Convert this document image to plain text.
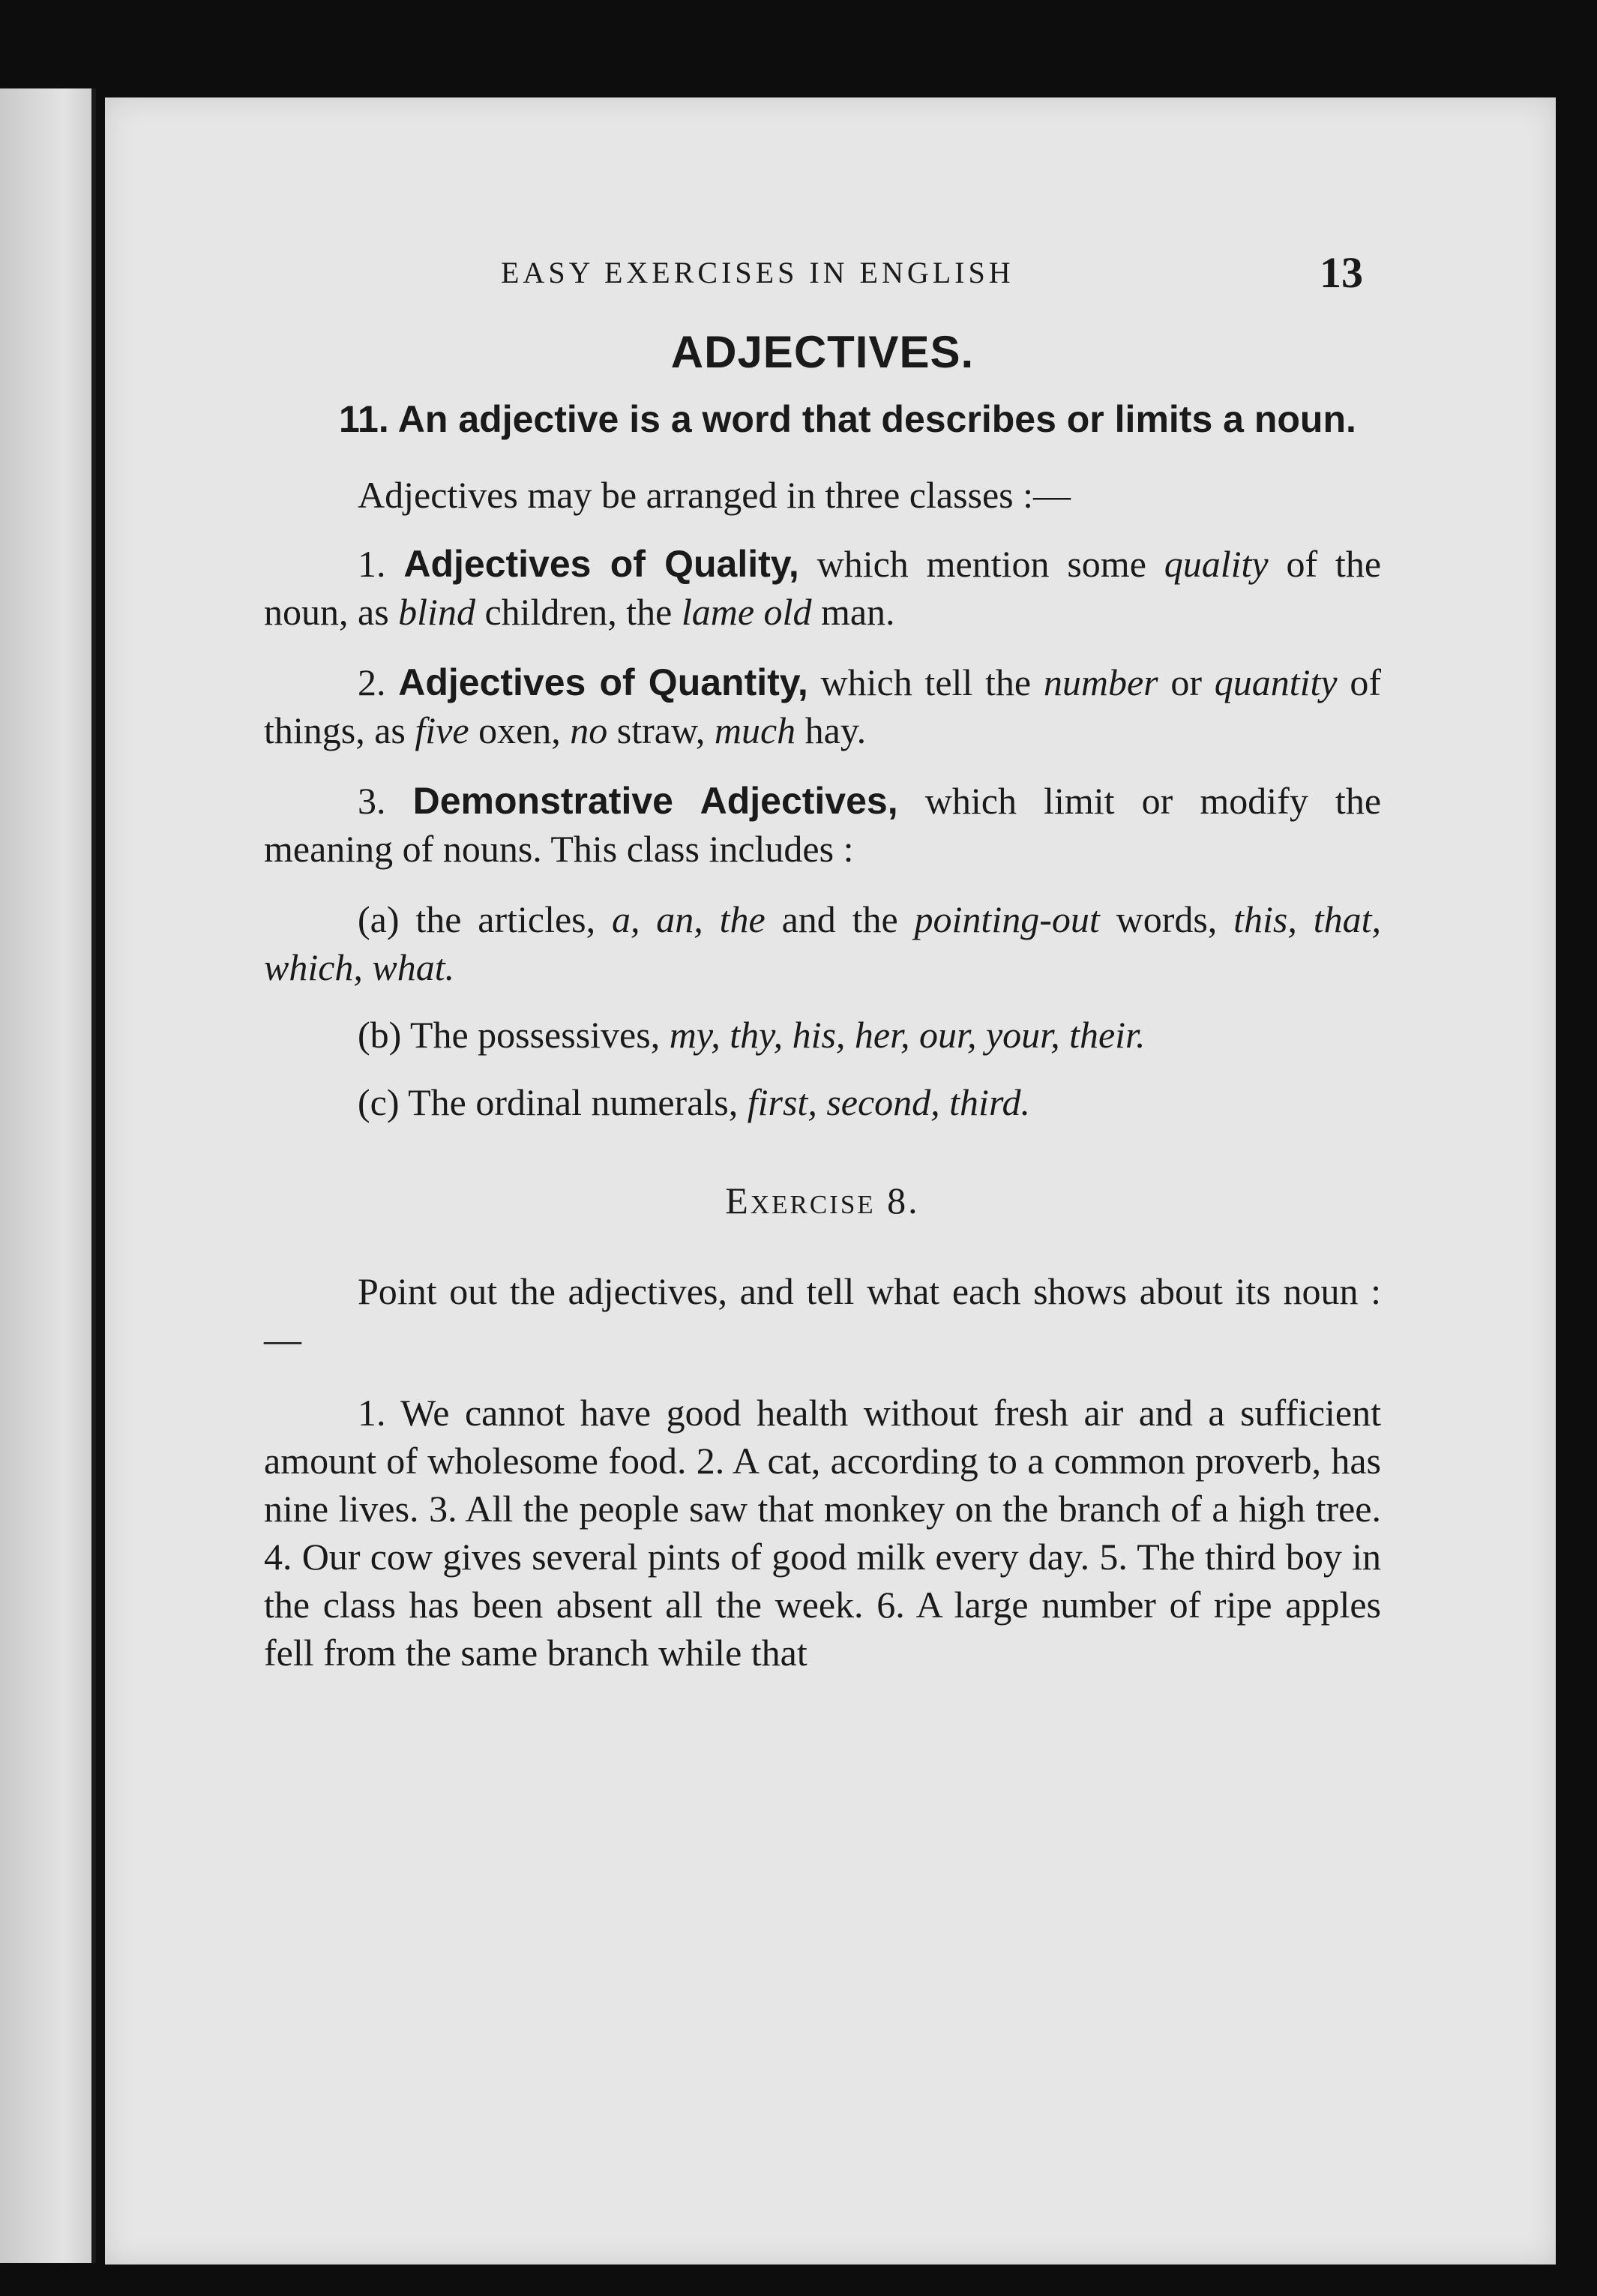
EASY EXERCISES IN ENGLISH	13
ADJECTIVES.

11. An adjective is a word that describes or limits a noun.

Adjectives may be arranged in three classes :—

1. Adjectives of Quality, which mention some quality of the noun, as blind children, the lame old man.

2. Adjectives of Quantity, which tell the number or quantity of things, as five oxen, no straw, much hay.

3. Demonstrative Adjectives, which limit or modify the meaning of nouns. This class includes :

(a) the articles, a, an, the and the pointing-out words, this, that, which, what.

(b) The possessives, my, thy, his, her, our, your, their.

(c) The ordinal numerals, first, second, third.

Exercise 8.

Point out the adjectives, and tell what each shows about its noun :—

1. We cannot have good health without fresh air and a sufficient amount of wholesome food. 2. A cat, according to a common proverb, has nine lives. 3. All the people saw that monkey on the branch of a high tree. 4. Our cow gives several pints of good milk every day. 5. The third boy in the class has been absent all the week. 6. A large number of ripe apples fell from the same branch while that
